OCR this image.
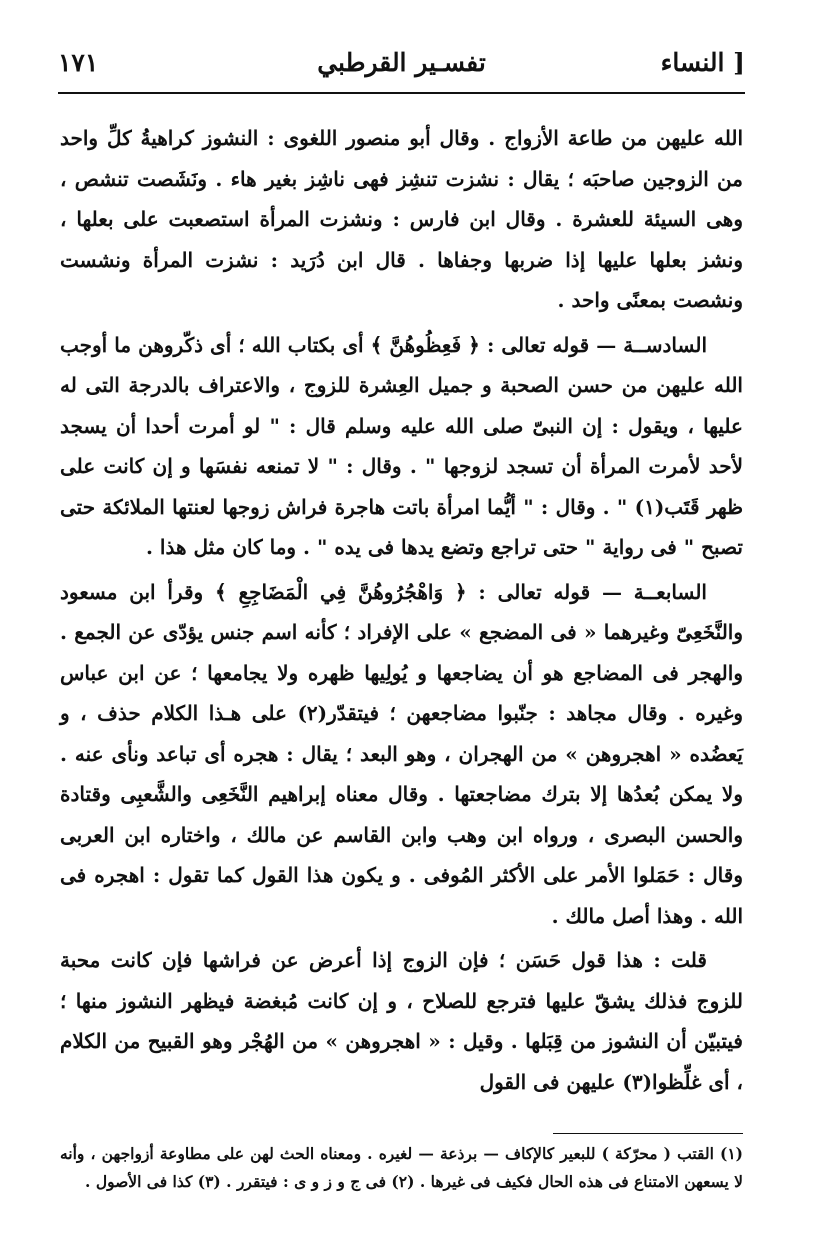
[ النساء
تفسـير القرطبي
١٧١

الله عليهن من طاعة الأزواج . وقال أبو منصور اللغوى : النشوز كراهيةُ كلِّ واحد من الزوجين صاحبَه ؛ يقال : نشزت تنشِز فهى ناشِز بغير هاء . ونَشَصت تنشص ، وهى السيئة للعشرة . وقال ابن فارس : ونشزت المرأة استصعبت على بعلها ، ونشز بعلها عليها إذا ضربها وجفاها . قال ابن دُرَيد : نشزت المرأة ونشست ونشصت بمعنًى واحد .

السادســة — قوله تعالى : ﴿ فَعِظُوهُنَّ ﴾ أى بكتاب الله ؛ أى ذكّروهن ما أوجب الله عليهن من حسن الصحبة و جميل العِشرة للزوج ، والاعتراف بالدرجة التى له عليها ، ويقول : إن النبىّ صلى الله عليه وسلم قال : " لو أمرت أحدا أن يسجد لأحد لأمرت المرأة أن تسجد لزوجها " . وقال : " لا تمنعه نفسَها و إن كانت على ظهر قَتَب(١) " . وقال : " أيُّما امرأة باتت هاجرة فراش زوجها لعنتها الملائكة حتى تصبح " فى رواية " حتى تراجع وتضع يدها فى يده " . وما كان مثل هذا .

السابعــة — قوله تعالى : ﴿ وَاهْجُرُوهُنَّ فِي الْمَضَاجِعِ ﴾ وقرأ ابن مسعود والنَّخَعِىّ وغيرهما « فى المضجع » على الإفراد ؛ كأنه اسم جنس يؤدّى عن الجمع . والهجر فى المضاجع هو أن يضاجعها و يُولِيها ظهره ولا يجامعها ؛ عن ابن عباس وغيره . وقال مجاهد : جنّبوا مضاجعهن ؛ فيتقدّر(٢) على هـذا الكلام حذف ، و يَعضُده « اهجروهن » من الهجران ، وهو البعد ؛ يقال : هجره أى تباعد ونأى عنه . ولا يمكن بُعدُها إلا بترك مضاجعتها . وقال معناه إبراهيم النَّخَعِى والشَّعبِى وقتادة والحسن البصرى ، ورواه ابن وهب وابن القاسم عن مالك ، واختاره ابن العربى وقال : حَمَلوا الأمر على الأكثر المُوفى . و يكون هذا القول كما تقول : اهجره فى الله . وهذا أصل مالك .

قلت : هذا قول حَسَن ؛ فإن الزوج إذا أعرض عن فراشها فإن كانت محبة للزوج فذلك يشقّ عليها فترجع للصلاح ، و إن كانت مُبغضة فيظهر النشوز منها ؛ فيتبيّن أن النشوز من قِبَلها . وقيل : « اهجروهن » من الهُجْر وهو القبيح من الكلام ، أى غلِّظوا(٣) عليهن فى القول

(١) القتب ( محرّكة ) للبعير كالإكاف — برذعة — لغيره . ومعناه الحث لهن على مطاوعة أزواجهن ، وأنه لا يسعهن الامتناع فى هذه الحال فكيف فى غيرها . (٢) فى ج و ز و ى : فيتقرر . (٣) كذا فى الأصول .
